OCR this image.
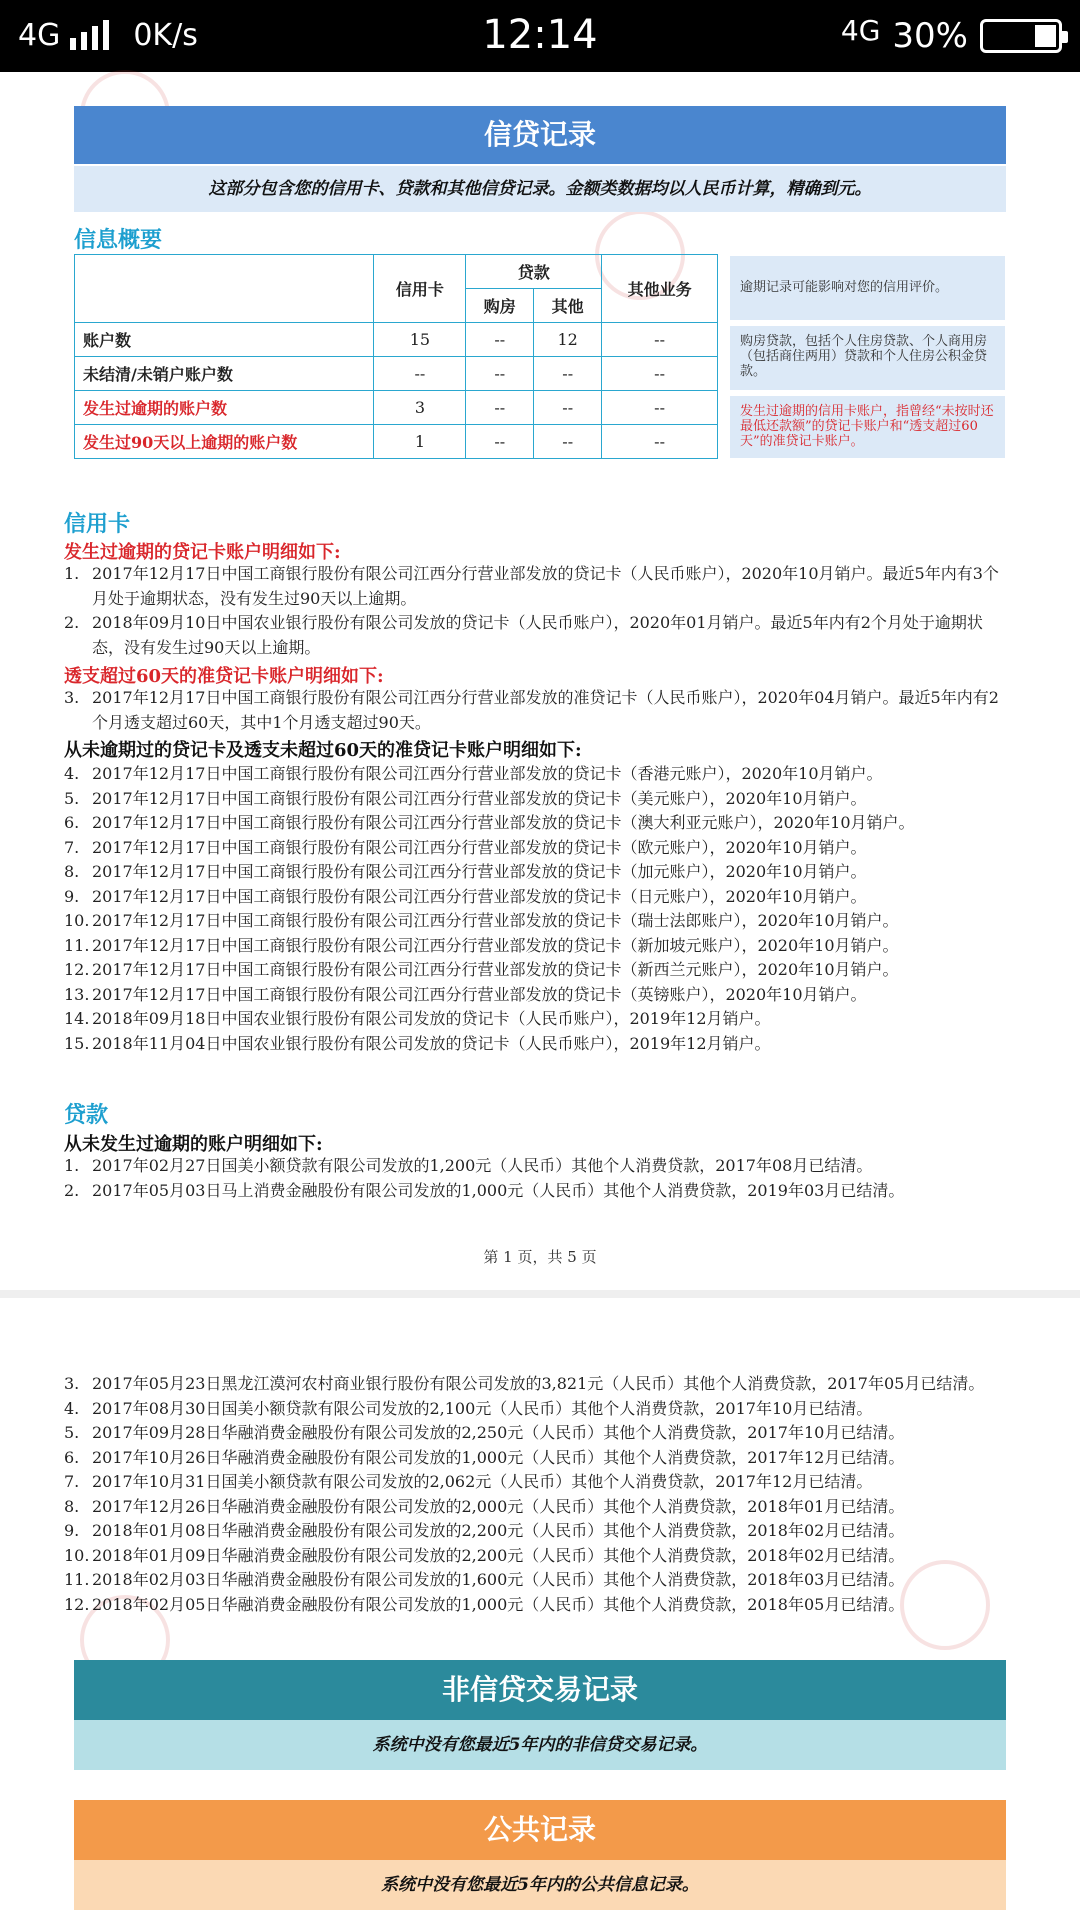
4G 0K/s	12:14	4G 30%
信贷记录
这部分包含您的信用卡、贷款和其他信贷记录。金额类数据均以人民币计算，精确到元。
信息概要
	信用卡	贷款		其他业务
		购房	其他	
账户数	15	--	12	--
未结清/未销户账户数	--	--	--	--
发生过逾期的账户数	3	--	--	--
发生过90天以上逾期的账户数	1	--	--	--
逾期记录可能影响对您的信用评价。
购房贷款，包括个人住房贷款、个人商用房（包括商住两用）贷款和个人住房公积金贷款。
发生过逾期的信用卡账户，指曾经“未按时还最低还款额”的贷记卡账户和“透支超过60天”的准贷记卡账户。
信用卡
发生过逾期的贷记卡账户明细如下:
1. 2017年12月17日中国工商银行股份有限公司江西分行营业部发放的贷记卡（人民币账户），2020年10月销户。最近5年内有3个月处于逾期状态，没有发生过90天以上逾期。
2. 2018年09月10日中国农业银行股份有限公司发放的贷记卡（人民币账户），2020年01月销户。最近5年内有2个月处于逾期状态，没有发生过90天以上逾期。
透支超过60天的准贷记卡账户明细如下:
3. 2017年12月17日中国工商银行股份有限公司江西分行营业部发放的准贷记卡（人民币账户），2020年04月销户。最近5年内有2个月透支超过60天，其中1个月透支超过90天。
从未逾期过的贷记卡及透支未超过60天的准贷记卡账户明细如下:
4. 2017年12月17日中国工商银行股份有限公司江西分行营业部发放的贷记卡（香港元账户），2020年10月销户。
5. 2017年12月17日中国工商银行股份有限公司江西分行营业部发放的贷记卡（美元账户），2020年10月销户。
6. 2017年12月17日中国工商银行股份有限公司江西分行营业部发放的贷记卡（澳大利亚元账户），2020年10月销户。
7. 2017年12月17日中国工商银行股份有限公司江西分行营业部发放的贷记卡（欧元账户），2020年10月销户。
8. 2017年12月17日中国工商银行股份有限公司江西分行营业部发放的贷记卡（加元账户），2020年10月销户。
9. 2017年12月17日中国工商银行股份有限公司江西分行营业部发放的贷记卡（日元账户），2020年10月销户。
10. 2017年12月17日中国工商银行股份有限公司江西分行营业部发放的贷记卡（瑞士法郎账户），2020年10月销户。
11. 2017年12月17日中国工商银行股份有限公司江西分行营业部发放的贷记卡（新加坡元账户），2020年10月销户。
12. 2017年12月17日中国工商银行股份有限公司江西分行营业部发放的贷记卡（新西兰元账户），2020年10月销户。
13. 2017年12月17日中国工商银行股份有限公司江西分行营业部发放的贷记卡（英镑账户），2020年10月销户。
14. 2018年09月18日中国农业银行股份有限公司发放的贷记卡（人民币账户），2019年12月销户。
15. 2018年11月04日中国农业银行股份有限公司发放的贷记卡（人民币账户），2019年12月销户。
贷款
从未发生过逾期的账户明细如下:
1. 2017年02月27日国美小额贷款有限公司发放的1,200元（人民币）其他个人消费贷款，2017年08月已结清。
2. 2017年05月03日马上消费金融股份有限公司发放的1,000元（人民币）其他个人消费贷款，2019年03月已结清。
第 1 页，共 5 页
3. 2017年05月23日黑龙江漠河农村商业银行股份有限公司发放的3,821元（人民币）其他个人消费贷款，2017年05月已结清。
4. 2017年08月30日国美小额贷款有限公司发放的2,100元（人民币）其他个人消费贷款，2017年10月已结清。
5. 2017年09月28日华融消费金融股份有限公司发放的2,250元（人民币）其他个人消费贷款，2017年10月已结清。
6. 2017年10月26日华融消费金融股份有限公司发放的1,000元（人民币）其他个人消费贷款，2017年12月已结清。
7. 2017年10月31日国美小额贷款有限公司发放的2,062元（人民币）其他个人消费贷款，2017年12月已结清。
8. 2017年12月26日华融消费金融股份有限公司发放的2,000元（人民币）其他个人消费贷款，2018年01月已结清。
9. 2018年01月08日华融消费金融股份有限公司发放的2,200元（人民币）其他个人消费贷款，2018年02月已结清。
10. 2018年01月09日华融消费金融股份有限公司发放的2,200元（人民币）其他个人消费贷款，2018年02月已结清。
11. 2018年02月03日华融消费金融股份有限公司发放的1,600元（人民币）其他个人消费贷款，2018年03月已结清。
12. 2018年02月05日华融消费金融股份有限公司发放的1,000元（人民币）其他个人消费贷款，2018年05月已结清。
非信贷交易记录
系统中没有您最近5年内的非信贷交易记录。
公共记录
系统中没有您最近5年内的公共信息记录。
